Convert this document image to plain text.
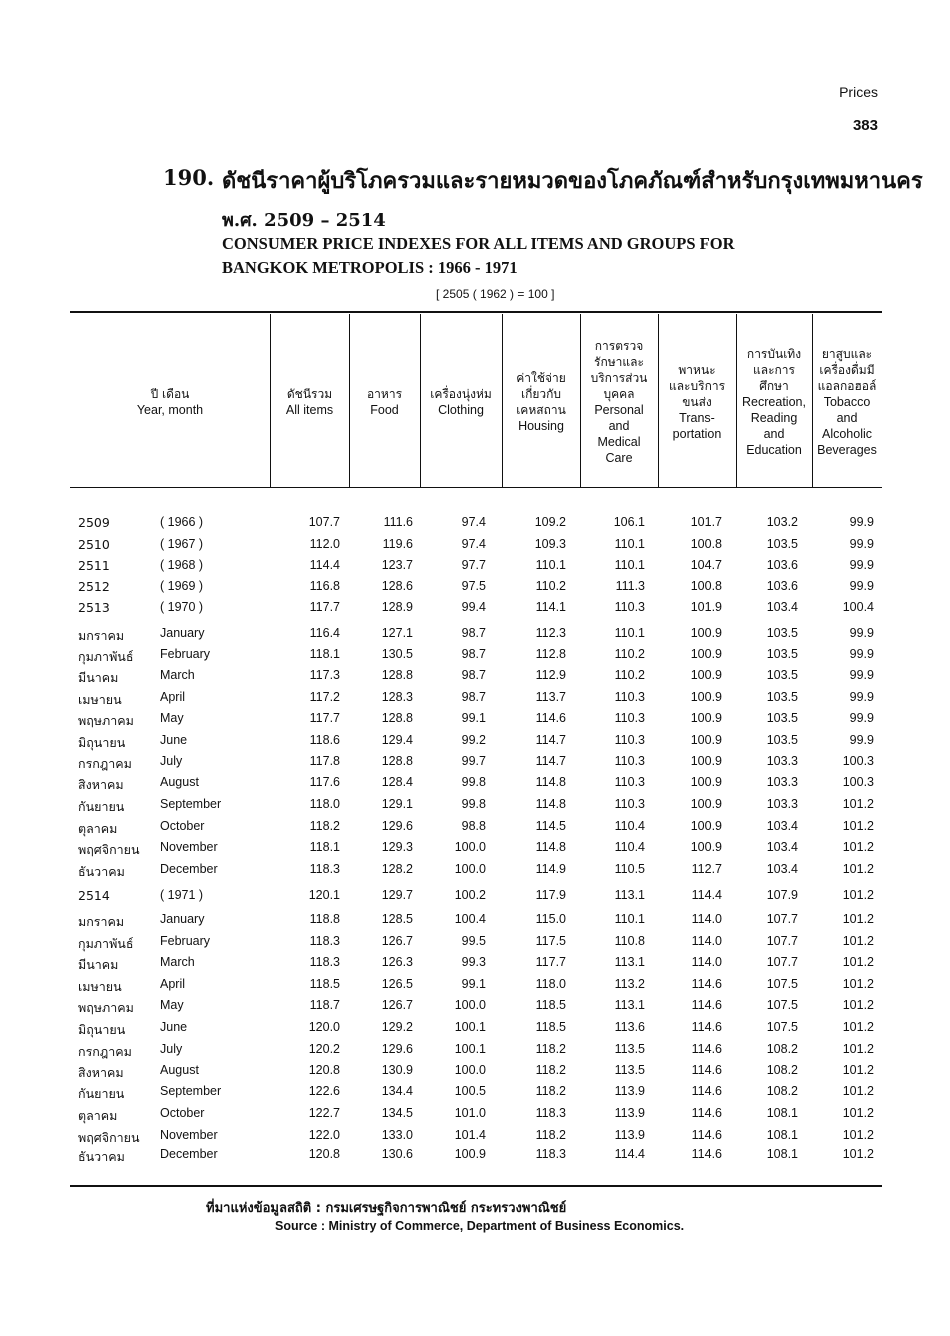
Prices
383
190. ดัชนีราคาผู้บริโภครวมและรายหมวดของโภคภัณฑ์สำหรับกรุงเทพมหานคร
พ.ศ. 2509 – 2514
CONSUMER PRICE INDEXES FOR ALL ITEMS AND GROUPS FOR
BANGKOK METROPOLIS : 1966 - 1971
[ 2505 ( 1962 ) = 100 ]
ปี เดือน
Year, month
ดัชนีรวม
All items
อาหาร
Food
เครื่องนุ่งห่ม
Clothing
ค่าใช้จ่าย
เกี่ยวกับ
เคหสถาน
Housing
การตรวจ
รักษาและ
บริการส่วน
บุคคล
Personal
and
Medical
Care
พาหนะ
และบริการ
ขนส่ง
Trans-
portation
การบันเทิง
และการ
ศึกษา
Recreation,
Reading
and
Education
ยาสูบและ
เครื่องดื่มมี
แอลกอฮอล์
Tobacco
and
Alcoholic
Beverages
2509	( 1966 )	107.7	111.6	97.4	109.2	106.1	101.7	103.2	99.9
2510	( 1967 )	112.0	119.6	97.4	109.3	110.1	100.8	103.5	99.9
2511	( 1968 )	114.4	123.7	97.7	110.1	110.1	104.7	103.6	99.9
2512	( 1969 )	116.8	128.6	97.5	110.2	111.3	100.8	103.6	99.9
2513	( 1970 )	117.7	128.9	99.4	114.1	110.3	101.9	103.4	100.4
มกราคม	January	116.4	127.1	98.7	112.3	110.1	100.9	103.5	99.9
กุมภาพันธ์ February	118.1	130.5	98.7	112.8	110.2	100.9	103.5	99.9
มีนาคม	March	117.3	128.8	98.7	112.9	110.2	100.9	103.5	99.9
เมษายน	April	117.2	128.3	98.7	113.7	110.3	100.9	103.5	99.9
พฤษภาคม May	117.7	128.8	99.1	114.6	110.3	100.9	103.5	99.9
มิถุนายน	June	118.6	129.4	99.2	114.7	110.3	100.9	103.5	99.9
กรกฎาคม July	117.8	128.8	99.7	114.7	110.3	100.9	103.3	100.3
สิงหาคม	August	117.6	128.4	99.8	114.8	110.3	100.9	103.3	100.3
กันยายน	September	118.0	129.1	99.8	114.8	110.3	100.9	103.3	101.2
ตุลาคม	October	118.2	129.6	98.8	114.5	110.4	100.9	103.4	101.2
พฤศจิกายน November	118.1	129.3	100.0	114.8	110.4	100.9	103.4	101.2
ธันวาคม	December	118.3	128.2	100.0	114.9	110.5	112.7	103.4	101.2
2514	( 1971 )	120.1	129.7	100.2	117.9	113.1	114.4	107.9	101.2
มกราคม	January	118.8	128.5	100.4	115.0	110.1	114.0	107.7	101.2
กุมภาพันธ์ February	118.3	126.7	99.5	117.5	110.8	114.0	107.7	101.2
มีนาคม	March	118.3	126.3	99.3	117.7	113.1	114.0	107.7	101.2
เมษายน	April	118.5	126.5	99.1	118.0	113.2	114.6	107.5	101.2
พฤษภาคม May	118.7	126.7	100.0	118.5	113.1	114.6	107.5	101.2
มิถุนายน	June	120.0	129.2	100.1	118.5	113.6	114.6	107.5	101.2
กรกฎาคม July	120.2	129.6	100.1	118.2	113.5	114.6	108.2	101.2
สิงหาคม	August	120.8	130.9	100.0	118.2	113.5	114.6	108.2	101.2
กันยายน	September	122.6	134.4	100.5	118.2	113.9	114.6	108.2	101.2
ตุลาคม	October	122.7	134.5	101.0	118.3	113.9	114.6	108.1	101.2
พฤศจิกายน November	122.0	133.0	101.4	118.2	113.9	114.6	108.1	101.2
ธันวาคม	December	120.8	130.6	100.9	118.3	114.4	114.6	108.1	101.2
ที่มาแห่งข้อมูลสถิติ : กรมเศรษฐกิจการพาณิชย์ กระทรวงพาณิชย์
Source : Ministry of Commerce, Department of Business Economics.
